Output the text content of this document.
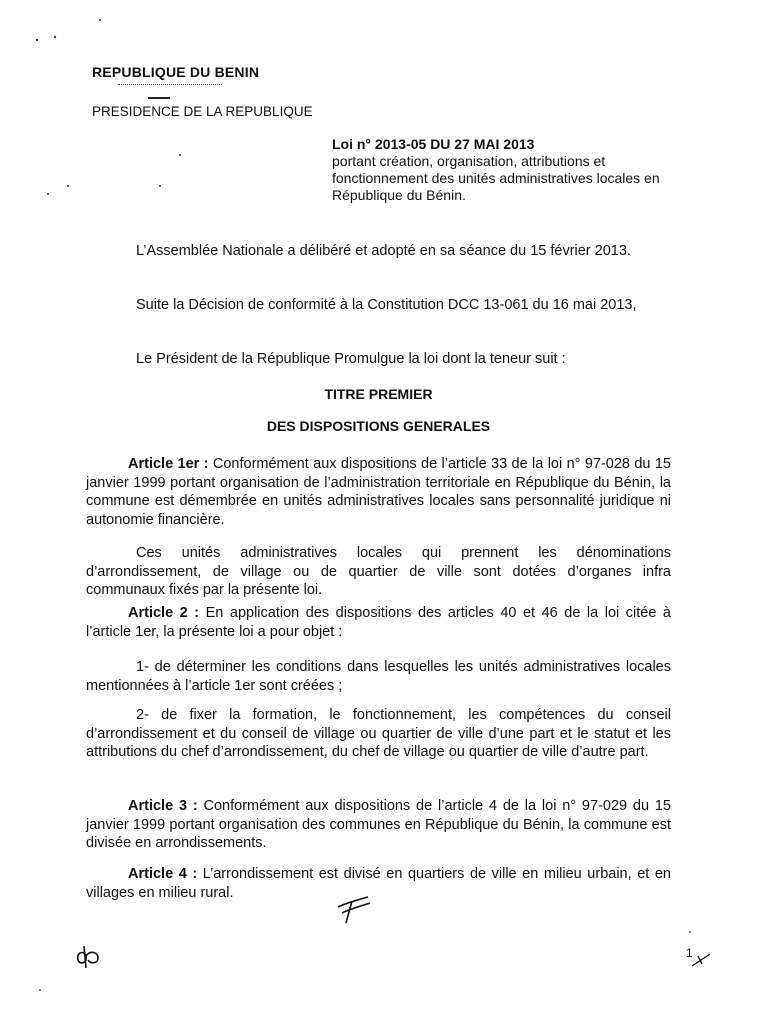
REPUBLIQUE DU BENIN
PRESIDENCE DE LA REPUBLIQUE
Loi n° 2013-05 DU 27 MAI 2013
portant création, organisation, attributions et fonctionnement des unités administratives locales en République du Bénin.
L’Assemblée Nationale a délibéré et adopté en sa séance du 15 février 2013.
Suite la Décision de conformité à la Constitution DCC 13-061 du 16 mai 2013,
Le Président de la République Promulgue la loi dont la teneur suit :
TITRE PREMIER
DES DISPOSITIONS GENERALES
Article 1er : Conformément aux dispositions de l’article 33 de la loi n° 97-028 du 15 janvier 1999 portant organisation de l’administration territoriale en République du Bénin, la commune est démembrée en unités administratives locales sans personnalité juridique ni autonomie financière.
Ces unités administratives locales qui prennent les dénominations d’arrondissement, de village ou de quartier de ville sont dotées d’organes infra communaux fixés par la présente loi.
Article 2 : En application des dispositions des articles 40 et 46 de la loi citée à l’article 1er, la présente loi a pour objet :
1- de déterminer les conditions dans lesquelles les unités administratives locales mentionnées à l’article 1er sont créées ;
2- de fixer la formation, le fonctionnement, les compétences du conseil d’arrondissement et du conseil de village ou quartier de ville d’une part et le statut et les attributions du chef d’arrondissement, du chef de village ou quartier de ville d’autre part.
Article 3 : Conformément aux dispositions de l’article 4 de la loi n° 97-029 du 15 janvier 1999 portant organisation des communes en République du Bénin, la commune est divisée en arrondissements.
Article 4 : L’arrondissement est divisé en quartiers de ville en milieu urbain, et en villages en milieu rural.
1
